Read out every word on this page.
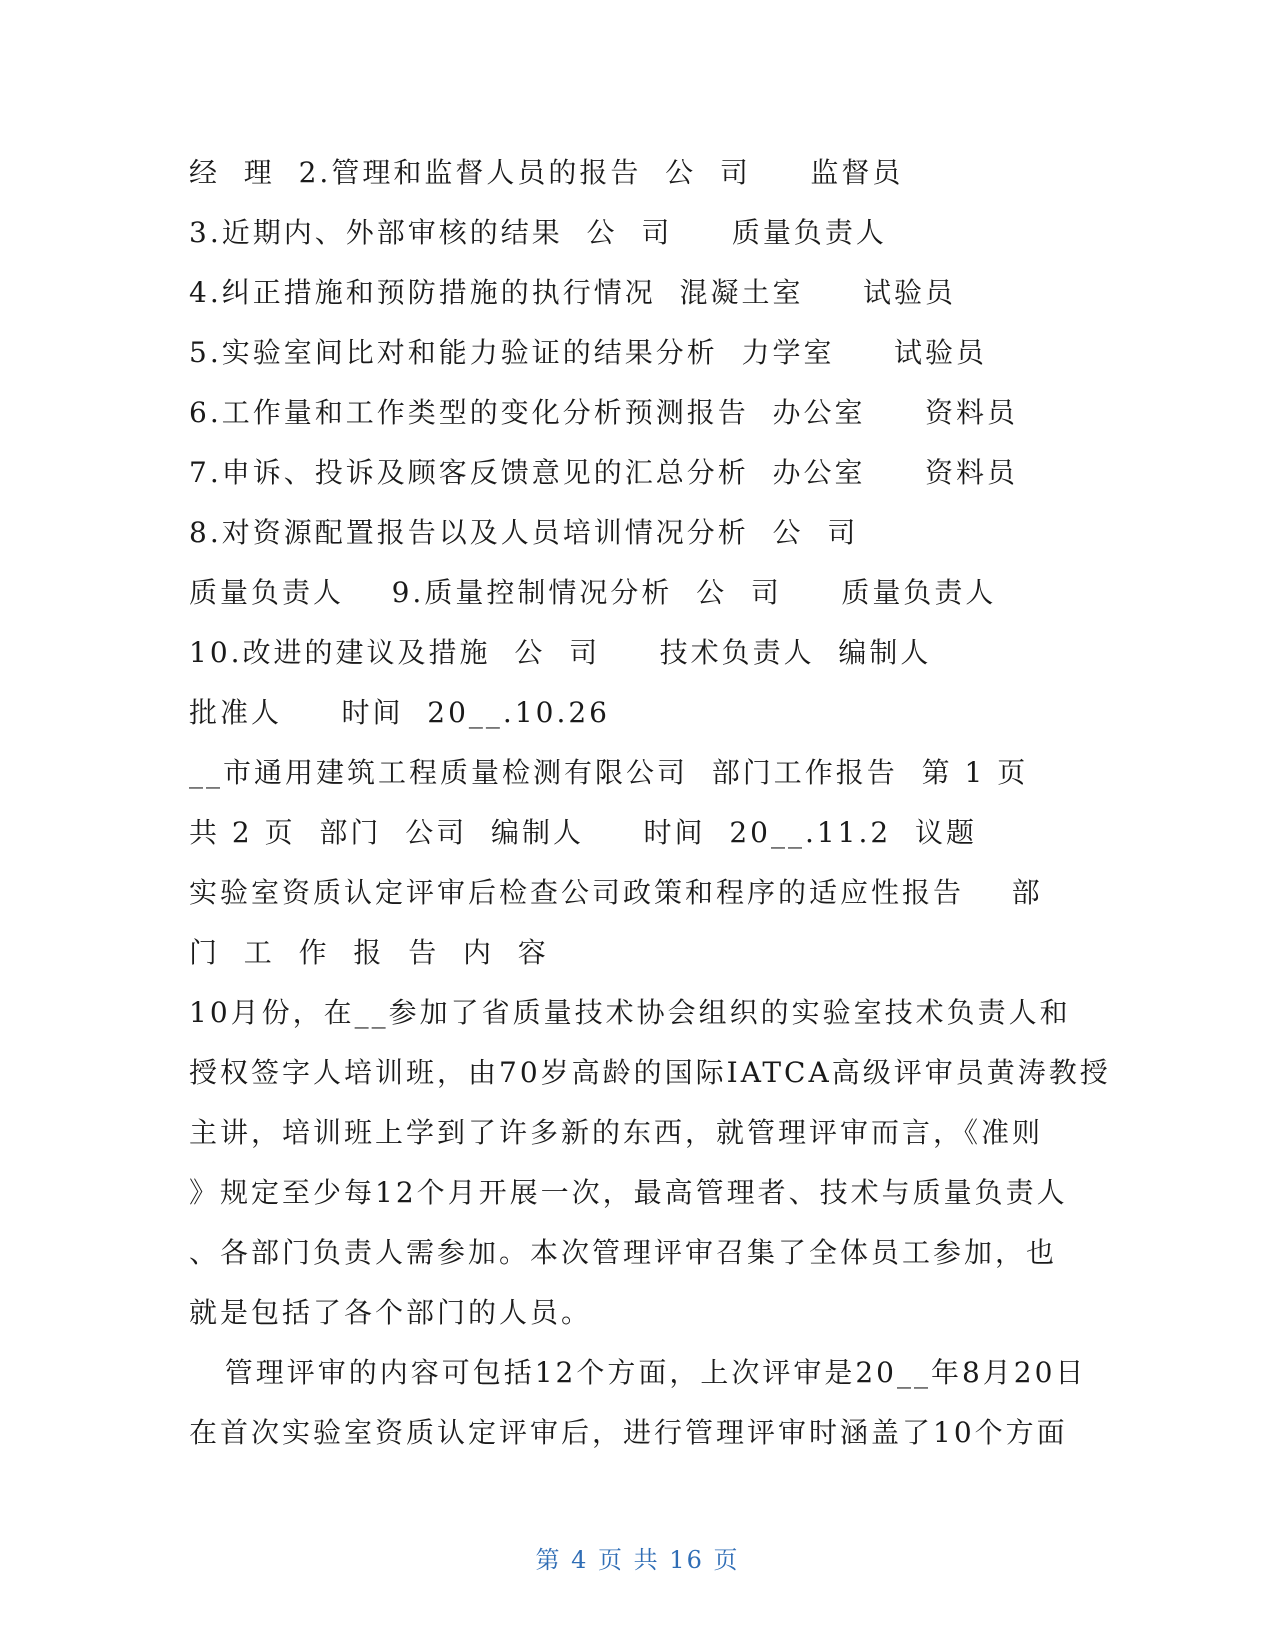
经  理  2.管理和监督人员的报告  公  司     监督员
3.近期内、外部审核的结果  公  司     质量负责人
4.纠正措施和预防措施的执行情况  混凝土室     试验员
5.实验室间比对和能力验证的结果分析  力学室     试验员
6.工作量和工作类型的变化分析预测报告  办公室     资料员
7.申诉、投诉及顾客反馈意见的汇总分析  办公室     资料员
8.对资源配置报告以及人员培训情况分析  公  司
质量负责人    9.质量控制情况分析  公  司     质量负责人
10.改进的建议及措施  公  司     技术负责人  编制人
批准人     时间  20__.10.26
__市通用建筑工程质量检测有限公司  部门工作报告  第 1 页
共 2 页  部门  公司  编制人     时间  20__.11.2  议题
实验室资质认定评审后检查公司政策和程序的适应性报告    部
门  工  作  报  告  内  容
10月份，在__参加了省质量技术协会组织的实验室技术负责人和
授权签字人培训班，由70岁高龄的国际IATCA高级评审员黄涛教授
主讲，培训班上学到了许多新的东西，就管理评审而言，《准则
》规定至少每12个月开展一次，最高管理者、技术与质量负责人
、各部门负责人需参加。本次管理评审召集了全体员工参加，也
就是包括了各个部门的人员。
管理评审的内容可包括12个方面，上次评审是20__年8月20日
在首次实验室资质认定评审后，进行管理评审时涵盖了10个方面
第 4 页 共 16 页
